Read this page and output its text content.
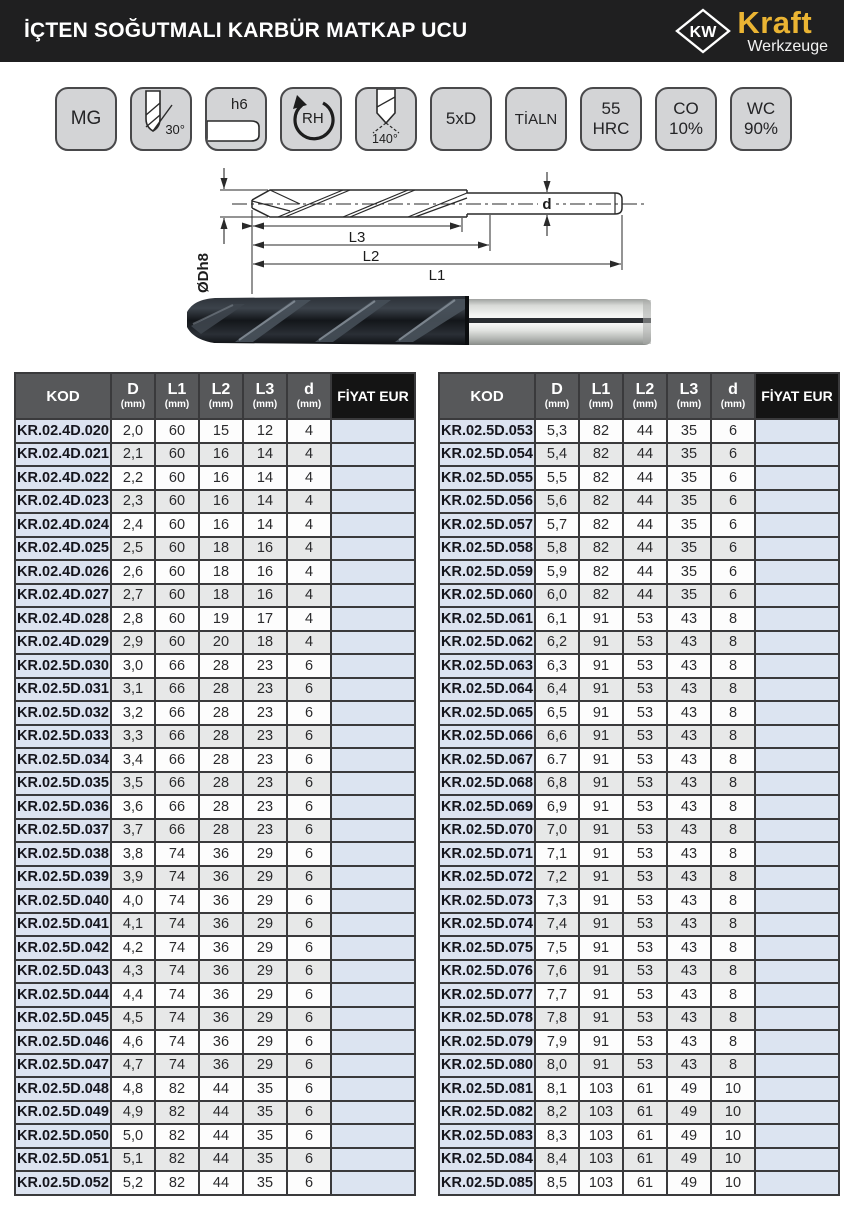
İÇTEN SOĞUTMALI KARBÜR MATKAP UCU	KW Kraft
Werkzeuge
MG
30°
h6
RH
140°
5xD	TİALN
55
HRC
CO
10%
WC
90%
ØDh8
d
L3
L2
L1
KOD	D
(mm)

L1
(mm)

L2
(mm)

L3
(mm)

d
(mm)
	FİYAT EUR
KR.02.4D.020	2,0	60	15	12	4	
KR.02.4D.021	2,1	60	16	14	4	
KR.02.4D.022	2,2	60	16	14	4	
KR.02.4D.023	2,3	60	16	14	4	
KR.02.4D.024	2,4	60	16	14	4	
KR.02.4D.025	2,5	60	18	16	4	
KR.02.4D.026	2,6	60	18	16	4	
KR.02.4D.027	2,7	60	18	16	4	
KR.02.4D.028	2,8	60	19	17	4	
KR.02.4D.029	2,9	60	20	18	4	
KR.02.5D.030	3,0	66	28	23	6	
KR.02.5D.031	3,1	66	28	23	6	
KR.02.5D.032	3,2	66	28	23	6	
KR.02.5D.033	3,3	66	28	23	6	
KR.02.5D.034	3,4	66	28	23	6	
KR.02.5D.035	3,5	66	28	23	6	
KR.02.5D.036	3,6	66	28	23	6	
KR.02.5D.037	3,7	66	28	23	6	
KR.02.5D.038	3,8	74	36	29	6	
KR.02.5D.039	3,9	74	36	29	6	
KR.02.5D.040	4,0	74	36	29	6	
KR.02.5D.041	4,1	74	36	29	6	
KR.02.5D.042	4,2	74	36	29	6	
KR.02.5D.043	4,3	74	36	29	6	
KR.02.5D.044	4,4	74	36	29	6	
KR.02.5D.045	4,5	74	36	29	6	
KR.02.5D.046	4,6	74	36	29	6	
KR.02.5D.047	4,7	74	36	29	6	
KR.02.5D.048	4,8	82	44	35	6	
KR.02.5D.049	4,9	82	44	35	6	
KR.02.5D.050	5,0	82	44	35	6	
KR.02.5D.051	5,1	82	44	35	6	
KR.02.5D.052	5,2	82	44	35	6	
KOD	D
(mm)

L1
(mm)

L2
(mm)

L3
(mm)

d
(mm)
	FİYAT EUR
KR.02.5D.053	5,3	82	44	35	6	
KR.02.5D.054	5,4	82	44	35	6	
KR.02.5D.055	5,5	82	44	35	6	
KR.02.5D.056	5,6	82	44	35	6	
KR.02.5D.057	5,7	82	44	35	6	
KR.02.5D.058	5,8	82	44	35	6	
KR.02.5D.059	5,9	82	44	35	6	
KR.02.5D.060	6,0	82	44	35	6	
KR.02.5D.061	6,1	91	53	43	8	
KR.02.5D.062	6,2	91	53	43	8	
KR.02.5D.063	6,3	91	53	43	8	
KR.02.5D.064	6,4	91	53	43	8	
KR.02.5D.065	6,5	91	53	43	8	
KR.02.5D.066	6,6	91	53	43	8	
KR.02.5D.067	6.7	91	53	43	8	
KR.02.5D.068	6,8	91	53	43	8	
KR.02.5D.069	6,9	91	53	43	8	
KR.02.5D.070	7,0	91	53	43	8	
KR.02.5D.071	7,1	91	53	43	8	
KR.02.5D.072	7,2	91	53	43	8	
KR.02.5D.073	7,3	91	53	43	8	
KR.02.5D.074	7,4	91	53	43	8	
KR.02.5D.075	7,5	91	53	43	8	
KR.02.5D.076	7,6	91	53	43	8	
KR.02.5D.077	7,7	91	53	43	8	
KR.02.5D.078	7,8	91	53	43	8	
KR.02.5D.079	7,9	91	53	43	8	
KR.02.5D.080	8,0	91	53	43	8	
KR.02.5D.081	8,1	103	61	49	10	
KR.02.5D.082	8,2	103	61	49	10	
KR.02.5D.083	8,3	103	61	49	10	
KR.02.5D.084	8,4	103	61	49	10	
KR.02.5D.085	8,5	103	61	49	10	
